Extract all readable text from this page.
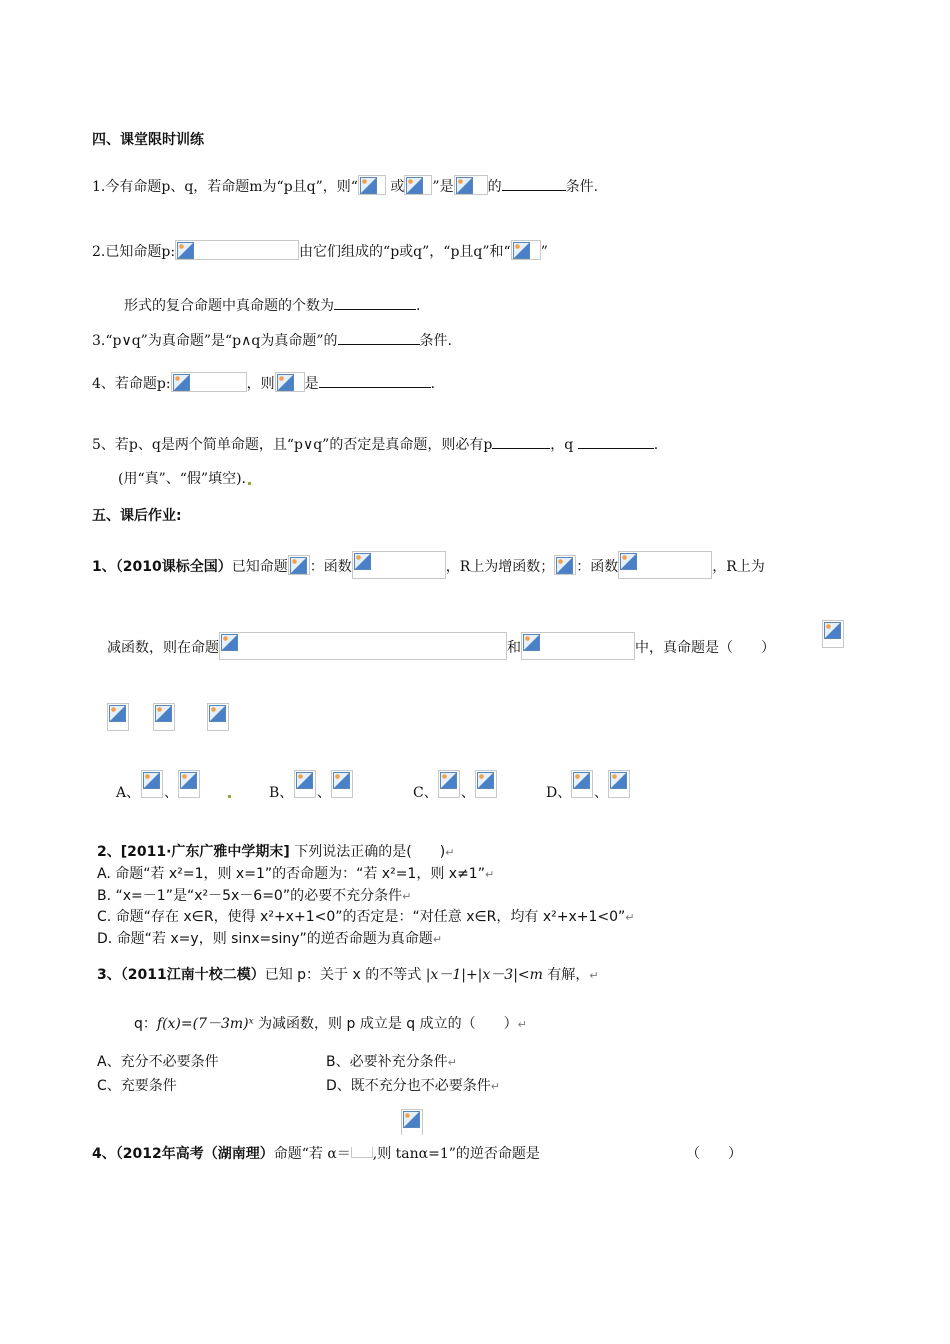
四、课堂限时训练
1.今有命题p、q，若命题m为“p且q”，则“
或 ”是 的	条件.
2.已知命题p:	由它们组成的“p或q”，“p且q”和“ ”
形式的复合命题中真命题的个数为	.
3.“p∨q”为真命题”是“p∧q为真命题”的	条件.
4、若命题p:	，则 是	.
5、若p、q是两个简单命题，且“p∨q”的否定是真命题，则必有p	，q	.
(用“真”、“假”填空).
五、课后作业:
1、（2010课标全国）已知命题 ：函数	，R上为增函数； ：函数	，R上为
减函数，则在命题	和	中，真命题是（　　）
A、 、	B、 、	C、 、	D、 、
2、[2011·广东广雅中学期末] 下列说法正确的是(　　)↵
A. 命题“若 x²=1，则 x=1”的否命题为：“若 x²=1，则 x≠1”↵
B. “x=－1”是“x²－5x－6=0”的必要不充分条件↵
C. 命题“存在 x∈R，使得 x²+x+1<0”的否定是：“对任意 x∈R，均有 x²+x+1<0”↵
D. 命题“若 x=y，则 sinx=siny”的逆否命题为真命题↵
3、（2011江南十校二模）已知 p：关于 x 的不等式 |x－1|+|x－3|<m 有解，↵
q：f(x)=(7－3m)ˣ 为减函数，则 p 成立是 q 成立的（　　）↵
A、充分不必要条件	B、必要补充分条件↵
C、充要条件	D、既不充分也不必要条件↵
4、（2012年高考（湖南理）命题“若 α＝ ,则 tanα=1”的逆否命题是	（　　）
